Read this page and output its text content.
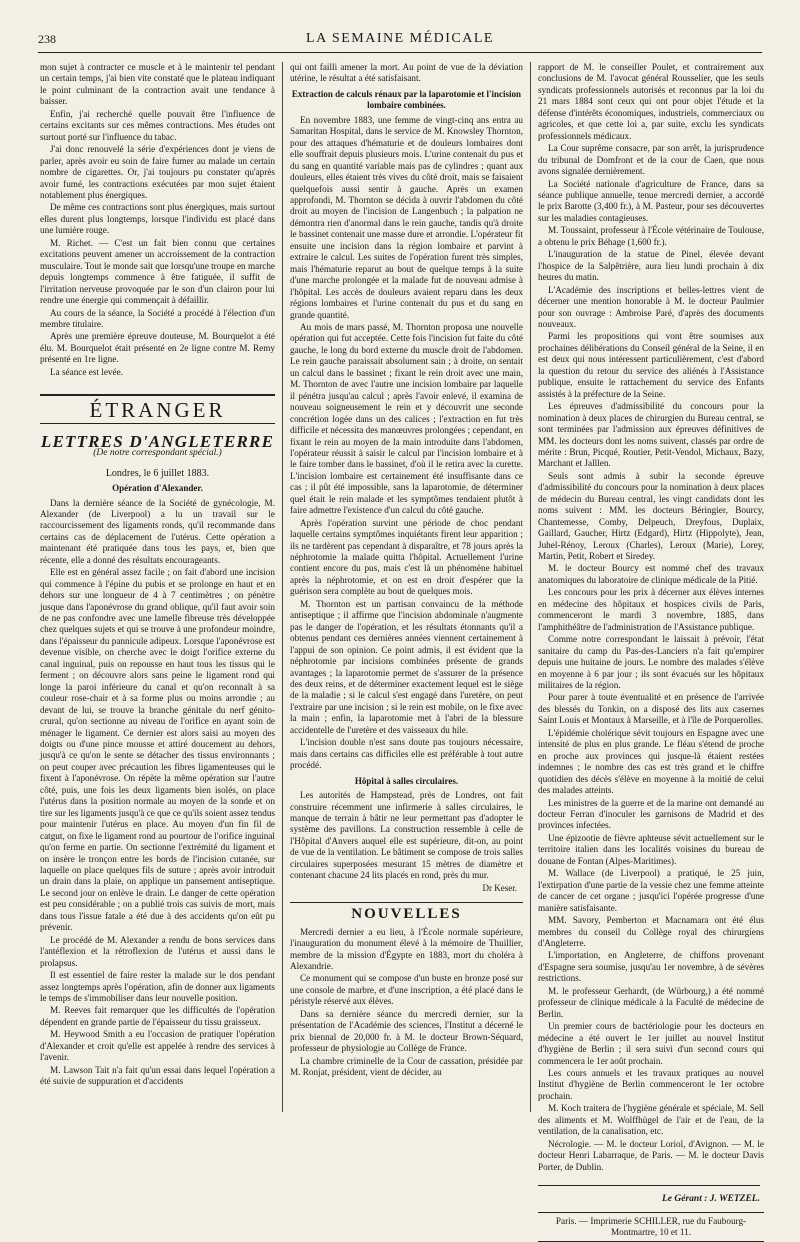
238	LA SEMAINE MÉDICALE

mon sujet à contracter ce muscle et à le maintenir tel pendant un certain temps, j'ai bien vite constaté que le plateau indiquant le point culminant de la contraction avait une tendance à baisser.

Enfin, j'ai recherché quelle pouvait être l'influence de certains excitants sur ces mêmes contractions. Mes études ont surtout porté sur l'influence du tabac.

J'ai donc renouvelé la série d'expériences dont je viens de parler, après avoir eu soin de faire fumer au malade un certain nombre de cigarettes. Or, j'ai toujours pu constater qu'après avoir fumé, les contractions exécutées par mon sujet étaient notablement plus énergiques.

De même ces contractions sont plus énergiques, mais surtout elles durent plus longtemps, lorsque l'individu est placé dans une lumière rouge.

M. Richet. — C'est un fait bien connu que certaines excitations peuvent amener un accroissement de la contraction musculaire. Tout le monde sait que lorsqu'une troupe en marche depuis longtemps commence à être fatiguée, il suffit de l'irritation nerveuse provoquée par le son d'un clairon pour lui rendre une énergie qui commençait à défaillir.

Au cours de la séance, la Société a procédé à l'élection d'un membre titulaire.

Après une première épreuve douteuse, M. Bourquelot a été élu. M. Bourquelot était présenté en 2e ligne contre M. Remy présenté en 1re ligne.

La séance est levée.

ÉTRANGER
LETTRES D'ANGLETERRE
(De notre correspondant spécial.)
Londres, le 6 juillet 1883.
Opération d'Alexander.

Dans la dernière séance de la Société de gynécologie, M. Alexander (de Liverpool) a lu un travail sur le raccourcissement des ligaments ronds, qu'il recommande dans certains cas de déplacement de l'utérus. Cette opération a maintenant été pratiquée dans tous les pays, et, bien que récente, elle a donné des résultats encourageants.

Elle est en général assez facile ; on fait d'abord une incision qui commence à l'épine du pubis et se prolonge en haut et en dehors sur une longueur de 4 à 7 centimètres ; on pénètre jusque dans l'aponévrose du grand oblique, qu'il faut avoir soin de ne pas confondre avec une lamelle fibreuse très développée chez quelques sujets et qui se trouve à une profondeur moindre, dans l'épaisseur du pannicule adipeux. Lorsque l'aponévrose est devenue visible, on cherche avec le doigt l'orifice externe du canal inguinal, puis on repousse en haut tous les tissus qui le ferment ; on découvre alors sans peine le ligament rond qui longe la paroi inférieure du canal et qu'on reconnaît à sa couleur rose-chair et à sa forme plus ou moins arrondie ; au devant de lui, se trouve la branche génitale du nerf génito-crural, qu'on sectionne au niveau de l'orifice en ayant soin de ménager le ligament. Ce dernier est alors saisi au moyen des doigts ou d'une pince mousse et attiré doucement au dehors, jusqu'à ce qu'on le sente se détacher des tissus environnants ; on peut couper avec précaution les fibres ligamenteuses qui le fixent à l'aponévrose. On répète la même opération sur l'autre côté, puis, une fois les deux ligaments bien isolés, on place l'utérus dans la position normale au moyen de la sonde et on tire sur les ligaments jusqu'à ce que ce qu'ils soient assez tendus pour maintenir l'utérus en place. Au moyen d'un fin fil de catgut, on fixe le ligament rond au pourtour de l'orifice inguinal qu'on ferme en partie. On sectionne l'extrémité du ligament et on insère le tronçon entre les bords de l'incision cutanée, sur laquelle on place quelques fils de suture ; après avoir introduit un drain dans la plaie, on applique un pansement antiseptique. Le second jour on enlève le drain. Le danger de cette opération est peu considérable ; on a publié trois cas suivis de mort, mais dans tous l'issue fatale a été due à des accidents qu'on eût pu prévenir.

Le procédé de M. Alexander a rendu de bons services dans l'antéflexion et la rétroflexion de l'utérus et aussi dans le prolapsus.

Il est essentiel de faire rester la malade sur le dos pendant assez longtemps après l'opération, afin de donner aux ligaments le temps de s'immobiliser dans leur nouvelle position.

M. Reeves fait remarquer que les difficultés de l'opération dépendent en grande partie de l'épaisseur du tissu graisseux.

M. Heywood Smith a eu l'occasion de pratiquer l'opération d'Alexander et croit qu'elle est appelée à rendre des services à l'avenir.

M. Lawson Tait n'a fait qu'un essai dans lequel l'opération a été suivie de suppuration et d'accidents

qui ont failli amener la mort. Au point de vue de la déviation utérine, le résultat a été satisfaisant.

Extraction de calculs rénaux par la laparotomie et l'incision lombaire combinées.

En novembre 1883, une femme de vingt-cinq ans entra au Samaritan Hospital, dans le service de M. Knowsley Thornton, pour des attaques d'hématurie et de douleurs lombaires dont elle souffrait depuis plusieurs mois. L'urine contenait du pus et du sang en quantité variable mais pas de cylindres ; quant aux douleurs, elles étaient très vives du côté droit, mais se faisaient quelquefois aussi sentir à gauche. Après un examen approfondi, M. Thornton se décida à ouvrir l'abdomen du côté droit au moyen de l'incision de Langenbuch ; la palpation ne démontra rien d'anormal dans le rein gauche, tandis qu'à droite le bassinet contenait une masse dure et arrondie. L'opérateur fit ensuite une incision dans la région lombaire et parvint à extraire le calcul. Les suites de l'opération furent très simples, mais l'hématurie reparut au bout de quelque temps à la suite d'une marche prolongée et la malade fut de nouveau admise à l'hôpital. Les accès de douleurs avaient reparu dans les deux régions lombaires et l'urine contenait du pus et du sang en grande quantité.

Au mois de mars passé, M. Thornton proposa une nouvelle opération qui fut acceptée. Cette fois l'incision fut faite du côté gauche, le long du bord externe du muscle droit de l'abdomen. Le rein gauche paraissait absolument sain ; à droite, on sentait un calcul dans le bassinet ; fixant le rein droit avec une main, M. Thornton de avec l'autre une incision lombaire par laquelle il pénétra jusqu'au calcul ; après l'avoir enlevé, il examina de nouveau soigneusement le rein et y découvrit une seconde concrétion logée dans un des calices ; l'extraction en fut très difficile et nécessita des manœuvres prolongées ; cependant, en fixant le rein au moyen de la main introduite dans l'abdomen, l'opérateur réussit à saisir le calcul par l'incision lombaire et à le faire tomber dans le bassinet, d'où il le retira avec la curette. L'incision lombaire est certainement été insuffisante dans ce cas ; il pût été impossible, sans la laparotomie, de déterminer quel était le rein malade et les symptômes tendaient plutôt à faire admettre l'existence d'un calcul du côté gauche.

Après l'opération survint une période de choc pendant laquelle certains symptômes inquiétants firent leur apparition ; ils ne tardèrent pas cependant à disparaître, et 78 jours après la néphrotomie la malade quitta l'hôpital. Actuellement l'urine contient encore du pus, mais c'est là un phénomène habituel après la néphrotomie, et on est en droit d'espérer que la guérison sera complète au bout de quelques mois.

M. Thornton est un partisan convaincu de la méthode antiseptique ; il affirme que l'incision abdominale n'augmente pas le danger de l'opération, et les résultats étonnants qu'il a obtenus pendant ces dernières années viennent certainement à l'appui de son opinion. Ce point admis, il est évident que la néphrotomie par incisions combinées présente de grands avantages ; la laparotomie permet de s'assurer de la présence des deux reins, et de déterminer exactement lequel est le siège de la maladie ; si le calcul s'est engagé dans l'uretère, on peut l'extraire par une incision ; si le rein est mobile, on le fixe avec la main ; enfin, la laparotomie met à l'abri de la blessure accidentelle de l'uretère et des vaisseaux du hile.

L'incision double n'est sans doute pas toujours nécessaire, mais dans certains cas difficiles elle est préférable à tout autre procédé.

Hôpital à salles circulaires.

Les autorités de Hampstead, près de Londres, ont fait construire récemment une infirmerie à salles circulaires, le manque de terrain à bâtir ne leur permettant pas d'adopter le système des pavillons. La construction ressemble à celle de l'Hôpital d'Anvers auquel elle est supérieure, dit-on, au point de vue de la ventilation. Le bâtiment se compose de trois salles circulaires superposées mesurant 15 mètres de diamètre et contenant chacune 24 lits placés en rond, près du mur.

Dr Keser.
NOUVELLES

Mercredi dernier a eu lieu, à l'École normale supérieure, l'inauguration du monument élevé à la mémoire de Thuillier, membre de la mission d'Égypte en 1883, mort du choléra à Alexandrie.

Ce monument qui se compose d'un buste en bronze posé sur une console de marbre, et d'une inscription, a été placé dans le péristyle réservé aux élèves.

Dans sa dernière séance du mercredi dernier, sur la présentation de l'Académie des sciences, l'Institut a décerné le prix biennal de 20,000 fr. à M. le docteur Brown-Séquard, professeur de physiologie au Collège de France.

La chambre criminelle de la Cour de cassation, présidée par M. Ronjat, président, vient de décider, au

rapport de M. le conseiller Poulet, et contrairement aux conclusions de M. l'avocat général Rousselier, que les seuls syndicats professionnels autorisés et reconnus par la loi du 21 mars 1884 sont ceux qui ont pour objet l'étude et la défense d'intérêts économiques, industriels, commerciaux ou agricoles, et que cette loi a, par suite, exclu les syndicats professionnels médicaux.

La Cour suprême consacre, par son arrêt, la jurisprudence du tribunal de Domfront et de la cour de Caen, que nous avons signalée dernièrement.

La Société nationale d'agriculture de France, dans sa séance publique annuelle, tenue mercredi dernier, a accordé le prix Barotte (3,400 fr.), à M. Pasteur, pour ses découvertes sur les maladies contagieuses.

M. Toussaint, professeur à l'École vétérinaire de Toulouse, a obtenu le prix Béhage (1,600 fr.).

L'inauguration de la statue de Pinel, élevée devant l'hospice de la Salpêtrière, aura lieu lundi prochain à dix heures du matin.

L'Académie des inscriptions et belles-lettres vient de décerner une mention honorable à M. le docteur Paulmier pour son ouvrage : Ambroise Paré, d'après des documents nouveaux.

Parmi les propositions qui vont être soumises aux prochaines délibérations du Conseil général de la Seine, il en est deux qui nous intéressent particulièrement, c'est d'abord la question du retour du service des aliénés à l'Assistance publique, ensuite le rattachement du service des Enfants assistés à la préfecture de la Seine.

Les épreuves d'admissibilité du concours pour la nomination à deux places de chirurgien du Bureau central, se sont terminées par l'admission aux épreuves définitives de MM. les docteurs dont les noms suivent, classés par ordre de mérite : Brun, Picqué, Routier, Petit-Vendol, Michaux, Bazy, Marchant et Jalllen.

Seuls sont admis à subir la seconde épreuve d'admissibilité du concours pour la nomination à deux places de médecin du Bureau central, les vingt candidats dont les noms suivent : MM. les docteurs Béringier, Bourcy, Chantemesse, Comby, Delpeuch, Dreyfous, Duplaix, Gaillard, Gaucher, Hirtz (Edgard), Hirtz (Hippolyte), Jean, Juhel-Rénoy, Leroux (Charles), Leroux (Marie), Lorey, Martin, Petit, Robert et Siredey.

M. le docteur Bourcy est nommé chef des travaux anatomiques du laboratoire de clinique médicale de la Pitié.

Les concours pour les prix à décerner aux élèves internes en médecine des hôpitaux et hospices civils de Paris, commenceront le mardi 3 novembre, 1885, dans l'amphithéâtre de l'administration de l'Assistance publique.

Comme notre correspondant le laissait à prévoir, l'état sanitaire du camp du Pas-des-Lanciers n'a fait qu'empirer depuis une huitaine de jours. Le nombre des malades s'élève en moyenne à 6 par jour ; ils sont évacués sur les hôpitaux militaires de la région.

Pour parer à toute éventualité et en présence de l'arrivée des blessés du Tonkin, on a disposé des lits aux casernes Saint Louis et Montaux à Marseille, et à l'île de Porquerolles.

L'épidémie cholérique sévit toujours en Espagne avec une intensité de plus en plus grande. Le fléau s'étend de proche en proche aux provinces qui jusque-là étaient restées indemnes ; le nombre des cas est très grand et le chiffre quotidien des décès s'élève en moyenne à la moitié de celui des malades atteints.

Les ministres de la guerre et de la marine ont demandé au docteur Ferran d'inoculer les garnisons de Madrid et des provinces infectées.

Une épizootie de fièvre aphteuse sévit actuellement sur le territoire italien dans les localités voisines du bureau de douane de Fontan (Alpes-Maritimes).

M. Wallace (de Liverpool) a pratiqué, le 25 juin, l'extirpation d'une partie de la vessie chez une femme atteinte de cancer de cet organe ; jusqu'ici l'opérée progresse d'une manière satisfaisante.

MM. Savory, Pemberton et Macnamara ont été élus membres du conseil du Collège royal des chirurgiens d'Angleterre.

L'importation, en Angleterre, de chiffons provenant d'Espagne sera soumise, jusqu'au 1er novembre, à de sévères restrictions.

M. le professeur Gerhardt, (de Würbourg,) a été nommé professeur de clinique médicale à la Faculté de médecine de Berlin.

Un premier cours de bactériologie pour les docteurs en médecine a été ouvert le 1er juillet au nouvel Institut d'hygiène de Berlin ; il sera suivi d'un second cours qui commencera le 1er août prochain.

Les cours annuels et les travaux pratiques au nouvel Institut d'hygiène de Berlin commenceront le 1er octobre prochain.

M. Koch traitera de l'hygiène générale et spéciale, M. Sell des aliments et M. Wolffhügel de l'air et de l'eau, de la ventilation, de la canalisation, etc.

Nécrologie. — M. le docteur Loriol, d'Avignon. — M. le docteur Henri Labarraque, de Paris. — M. le docteur Davis Porter, de Dublin.

Le Gérant : J. WETZEL.
Paris. — Imprimerie SCHILLER, rue du Faubourg-Montmartre, 10 et 11.
